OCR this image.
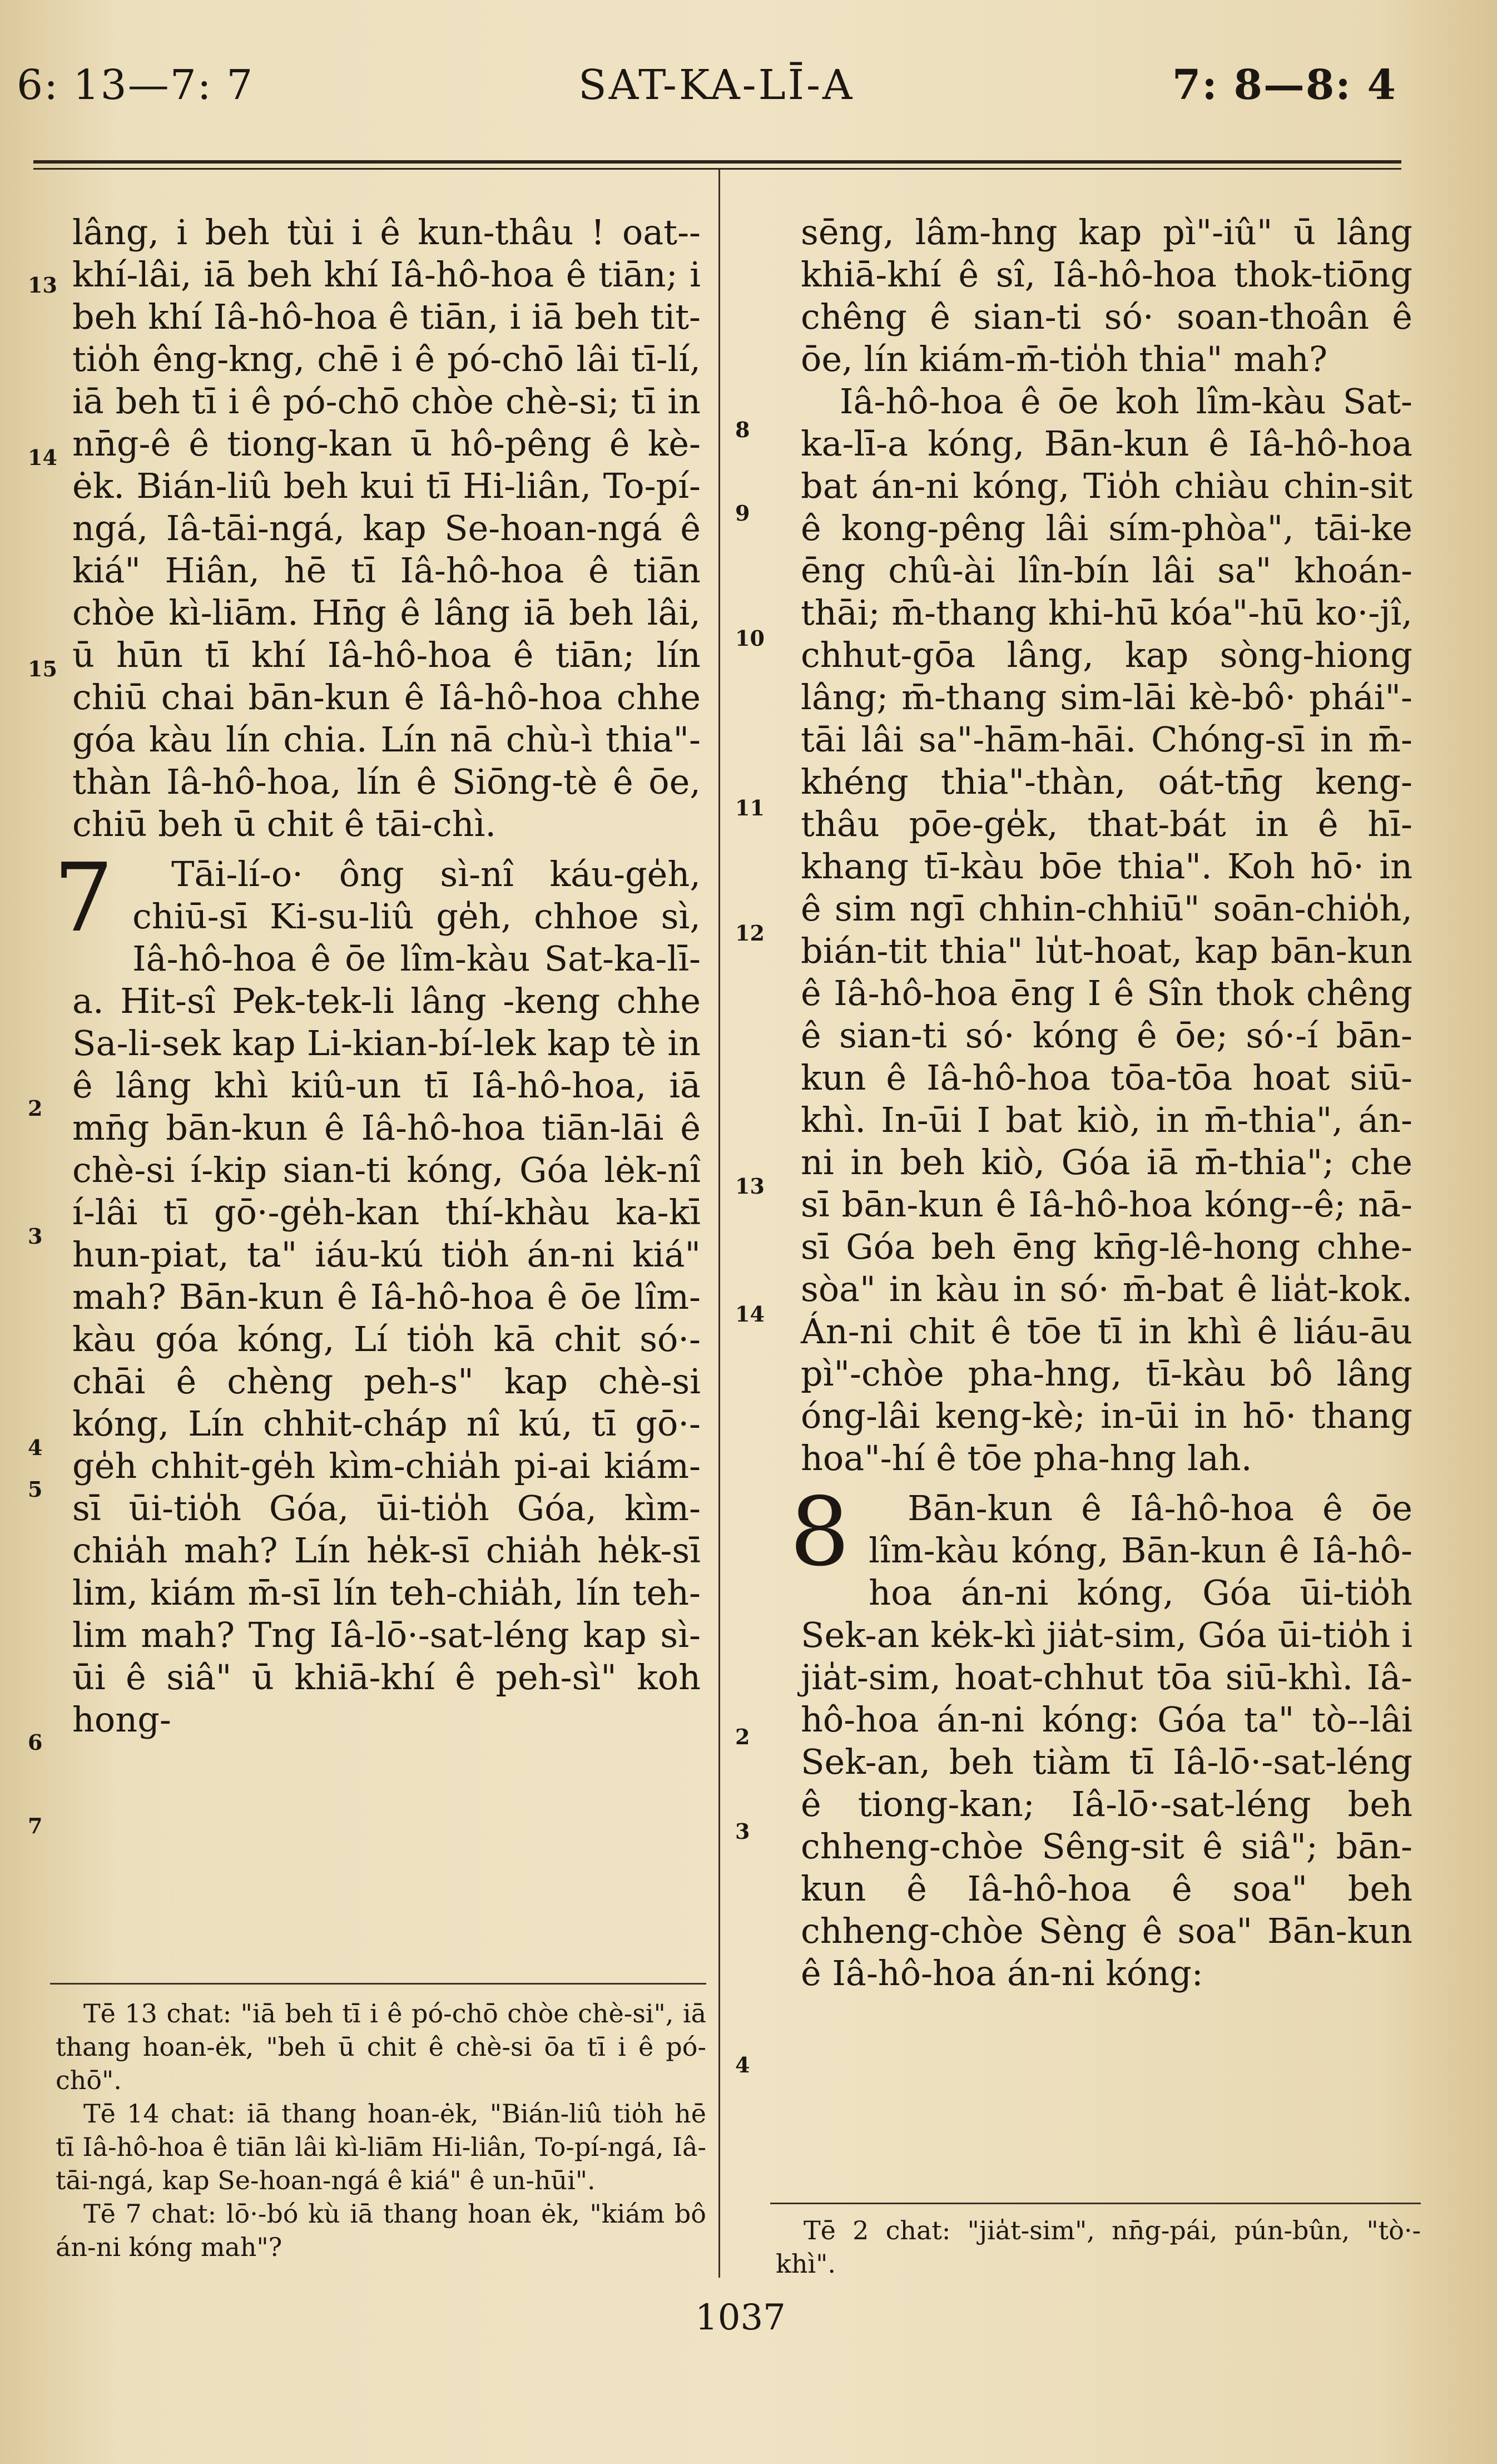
6: 13—7: 7	SAT-KA-LĪ-A	7: 8—8: 4
13
14
15
2
3
4
5
6
7

lâng, i beh tùi i ê kun-thâu ! oat--khí-lâi, iā beh khí Iâ-hô-hoa ê tiān; i beh khí Iâ-hô-hoa ê tiān, i iā beh tit-tio̍h êng-kng, chē i ê pó-chō lâi tī-lí, iā beh tī i ê pó-chō chòe chè-si; tī in nn̄g-ê ê tiong-kan ū hô-pêng ê kè-ėk. Bián-liû beh kui tī Hi-liân, To-pí-ngá, Iâ-tāi-ngá, kap Se-hoan-ngá ê kiá" Hiân, hē tī Iâ-hô-hoa ê tiān chòe kì-liām. Hn̄g ê lâng iā beh lâi, ū hūn tī khí Iâ-hô-hoa ê tiān; lín chiū chai bān-kun ê Iâ-hô-hoa chhe góa kàu lín chia. Lín nā chù-ì thia"-thàn Iâ-hô-hoa, lín ê Siōng-tè ê ōe, chiū beh ū chit ê tāi-chì.

7 Tāi-lí-o· ông sì-nî káu-ge̍h, chiū-sī Ki-su-liû ge̍h, chhoe sì, Iâ-hô-hoa ê ōe lîm-kàu Sat-ka-lī-a. Hit-sî Pek-tek-li lâng -keng chhe Sa-li-sek kap Li-kian-bí-lek kap tè in ê lâng khì kiû-un tī Iâ-hô-hoa, iā mn̄g bān-kun ê Iâ-hô-hoa tiān-lāi ê chè-si í-kip sian-ti kóng, Góa lėk-nî í-lâi tī gō·-ge̍h-kan thí-khàu ka-kī hun-piat, ta" iáu-kú tio̍h án-ni kiá" mah? Bān-kun ê Iâ-hô-hoa ê ōe lîm-kàu góa kóng, Lí tio̍h kā chit só·-chāi ê chèng peh-s" kap chè-si kóng, Lín chhit-cháp nî kú, tī gō·-ge̍h chhit-ge̍h kìm-chia̍h pi-ai kiám-sī ūi-tio̍h Góa, ūi-tio̍h Góa, kìm-chia̍h mah? Lín he̍k-sī chia̍h he̍k-sī lim, kiám m̄-sī lín teh-chia̍h, lín teh-lim mah? Tng Iâ-lō·-sat-léng kap sì-ūi ê siâ" ū khiā-khí ê peh-sì" koh hong-

8
9
10
11
12
13
14
2
3
4

sēng, lâm-hng kap pì"-iû" ū lâng khiā-khí ê sî, Iâ-hô-hoa thok-tiōng chêng ê sian-ti só· soan-thoân ê ōe, lín kiám-m̄-tio̍h thia" mah?

Iâ-hô-hoa ê ōe koh lîm-kàu Sat-ka-lī-a kóng, Bān-kun ê Iâ-hô-hoa bat án-ni kóng, Tio̍h chiàu chin-sit ê kong-pêng lâi sím-phòa", tāi-ke ēng chû-ài lîn-bín lâi sa" khoán-thāi; m̄-thang khi-hū kóa"-hū ko·-jî, chhut-gōa lâng, kap sòng-hiong lâng; m̄-thang sim-lāi kè-bô· phái"-tāi lâi sa"-hām-hāi. Chóng-sī in m̄-khéng thia"-thàn, oát-tn̄g keng-thâu pōe-ge̍k, that-bát in ê hī-khang tī-kàu bōe thia". Koh hō· in ê sim ngī chhin-chhiū" soān-chio̍h, bián-tit thia" lu̍t-hoat, kap bān-kun ê Iâ-hô-hoa ēng I ê Sîn thok chêng ê sian-ti só· kóng ê ōe; só·-í bān-kun ê Iâ-hô-hoa tōa-tōa hoat siū-khì. In-ūi I bat kiò, in m̄-thia", án-ni in beh kiò, Góa iā m̄-thia"; che sī bān-kun ê Iâ-hô-hoa kóng--ê; nā-sī Góa beh ēng kn̄g-lê-hong chhe-sòa" in kàu in só· m̄-bat ê lia̍t-kok. Án-ni chit ê tōe tī in khì ê liáu-āu pì"-chòe pha-hng, tī-kàu bô lâng óng-lâi keng-kè; in-ūi in hō· thang hoa"-hí ê tōe pha-hng lah.

8 Bān-kun ê Iâ-hô-hoa ê ōe lîm-kàu kóng, Bān-kun ê Iâ-hô-hoa án-ni kóng, Góa ūi-tio̍h Sek-an kėk-kì jia̍t-sim, Góa ūi-tio̍h i jia̍t-sim, hoat-chhut tōa siū-khì. Iâ-hô-hoa án-ni kóng: Góa ta" tò--lâi Sek-an, beh tiàm tī Iâ-lō·-sat-léng ê tiong-kan; Iâ-lō·-sat-léng beh chheng-chòe Sêng-sit ê siâ"; bān-kun ê Iâ-hô-hoa ê soa" beh chheng-chòe Sèng ê soa" Bān-kun ê Iâ-hô-hoa án-ni kóng:

Tē 13 chat: "iā beh tī i ê pó-chō chòe chè-si", iā thang hoan-ėk, "beh ū chit ê chè-si ōa tī i ê pó-chō".

Tē 14 chat: iā thang hoan-ėk, "Bián-liû tio̍h hē tī Iâ-hô-hoa ê tiān lâi kì-liām Hi-liân, To-pí-ngá, Iâ-tāi-ngá, kap Se-hoan-ngá ê kiá" ê un-hūi".

Tē 7 chat: lō·-bó kù iā thang hoan ėk, "kiám bô án-ni kóng mah"?

Tē 2 chat: "jia̍t-sim", nn̄g-pái, pún-bûn, "tò·-khì".

1037
